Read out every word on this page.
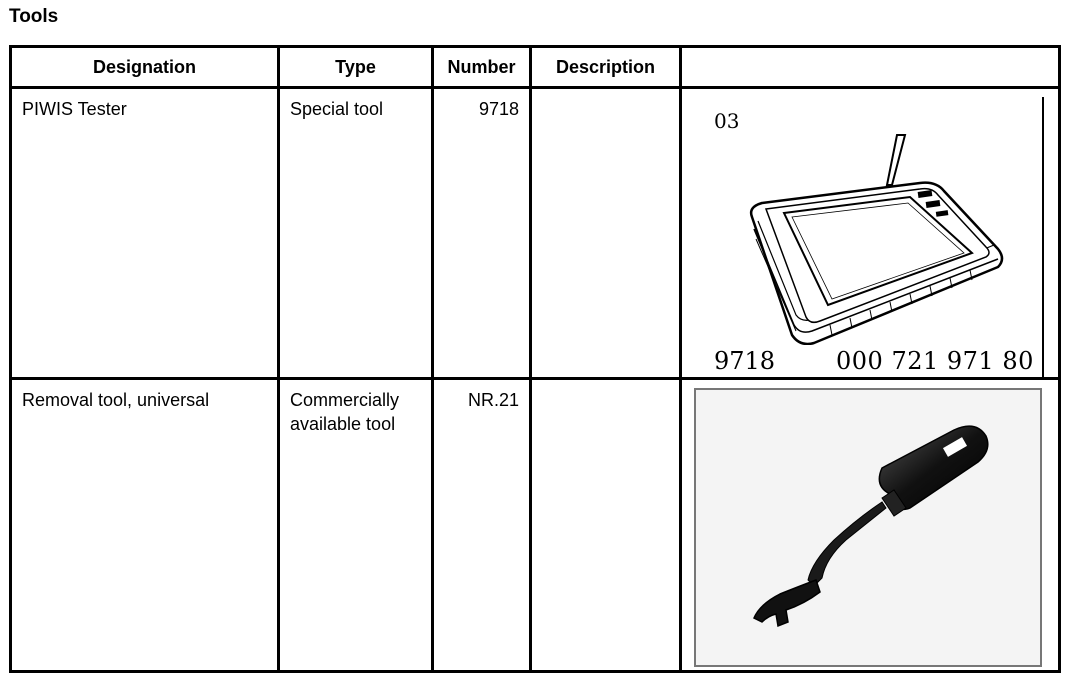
Tools
Designation	Type	Number	Description	

PIWIS Tester	Special tool	9718		03
9718 000 721 971 80

Removal tool, universal	Commercially available tool	NR.21
